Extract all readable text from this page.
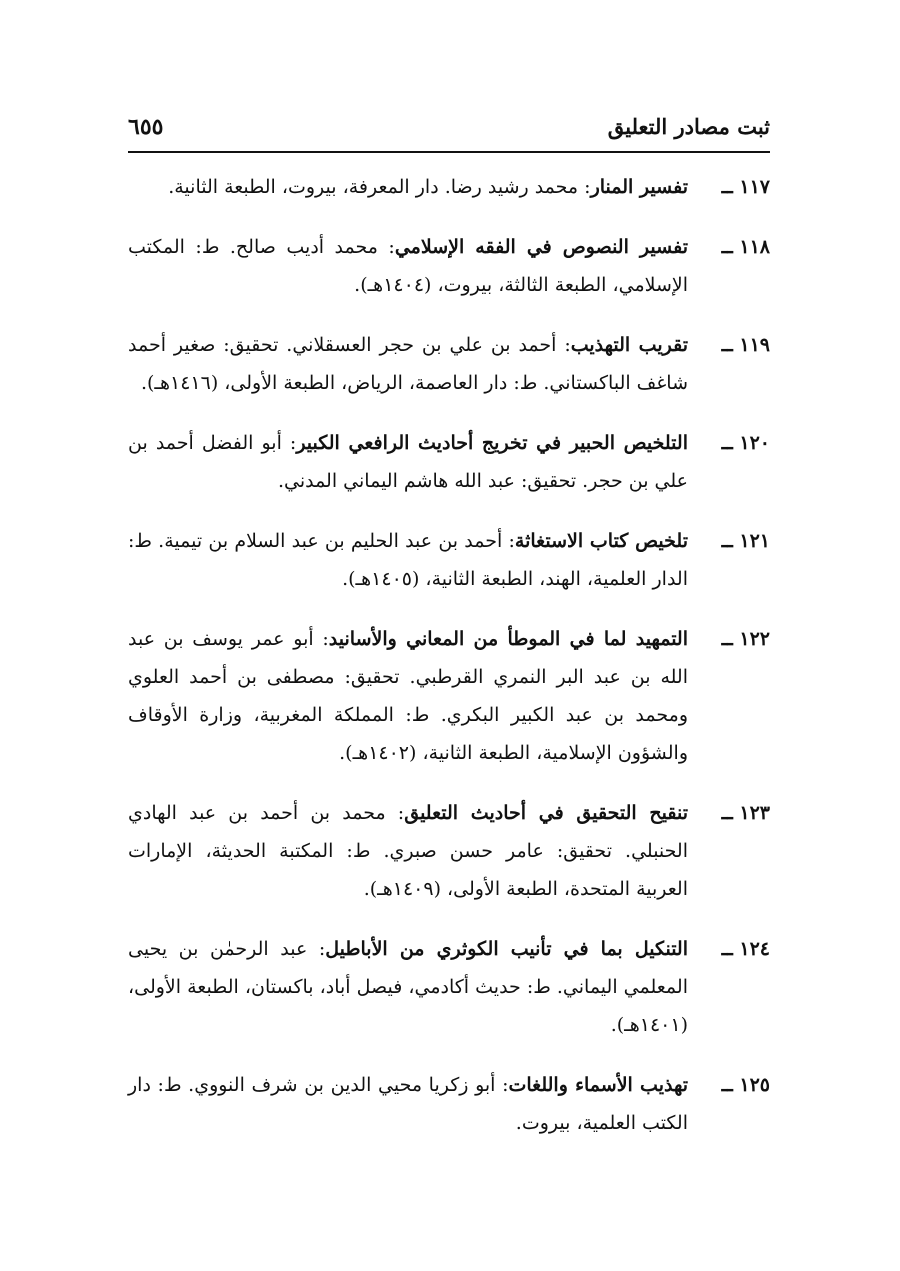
ثبت مصادر التعليق
٦٥٥
١١٧ ــ
تفسير المنار: محمد رشيد رضا. دار المعرفة، بيروت، الطبعة الثانية.
١١٨ ــ
تفسير النصوص في الفقه الإسلامي: محمد أديب صالح. ط: المكتب الإسلامي، الطبعة الثالثة، بيروت، (١٤٠٤هـ).
١١٩ ــ
تقريب التهذيب: أحمد بن علي بن حجر العسقلاني. تحقيق: صغير أحمد شاغف الباكستاني. ط: دار العاصمة، الرياض، الطبعة الأولى، (١٤١٦هـ).
١٢٠ ــ
التلخيص الحبير في تخريج أحاديث الرافعي الكبير: أبو الفضل أحمد بن علي بن حجر. تحقيق: عبد الله هاشم اليماني المدني.
١٢١ ــ
تلخيص كتاب الاستغاثة: أحمد بن عبد الحليم بن عبد السلام بن تيمية. ط: الدار العلمية، الهند، الطبعة الثانية، (١٤٠٥هـ).
١٢٢ ــ
التمهيد لما في الموطأ من المعاني والأسانيد: أبو عمر يوسف بن عبد الله بن عبد البر النمري القرطبي. تحقيق: مصطفى بن أحمد العلوي ومحمد بن عبد الكبير البكري. ط: المملكة المغربية، وزارة الأوقاف والشؤون الإسلامية، الطبعة الثانية، (١٤٠٢هـ).
١٢٣ ــ
تنقيح التحقيق في أحاديث التعليق: محمد بن أحمد بن عبد الهادي الحنبلي. تحقيق: عامر حسن صبري. ط: المكتبة الحديثة، الإمارات العربية المتحدة، الطبعة الأولى، (١٤٠٩هـ).
١٢٤ ــ
التنكيل بما في تأنيب الكوثري من الأباطيل: عبد الرحمٰن بن يحيى المعلمي اليماني. ط: حديث أكادمي، فيصل أباد، باكستان، الطبعة الأولى، (١٤٠١هـ).
١٢٥ ــ
تهذيب الأسماء واللغات: أبو زكريا محيي الدين بن شرف النووي. ط: دار الكتب العلمية، بيروت.
